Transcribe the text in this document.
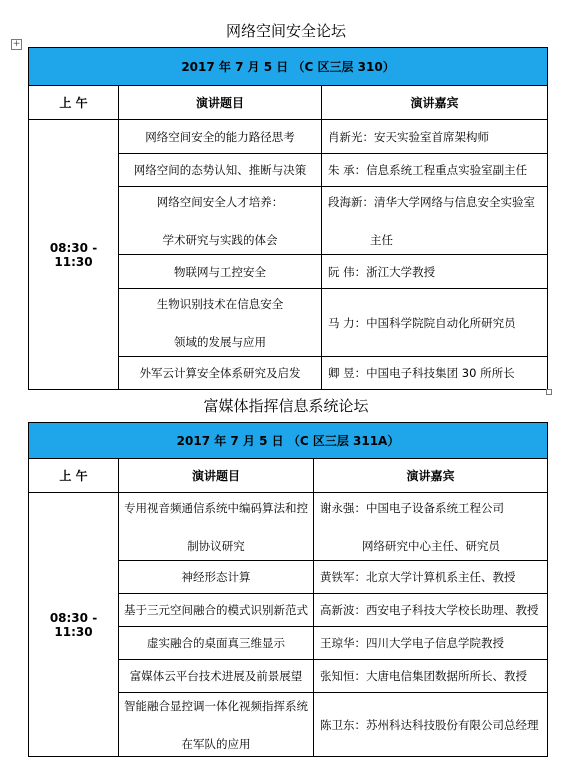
+
网络空间安全论坛
2017 年 7 月 5 日 （C 区三层 310）		
上 午	演讲题目	演讲嘉宾
08:30 - 11:30	网络空间安全的能力路径思考	肖新光：安天实验室首席架构师

	网络空间的态势认知、推断与决策	朱 承：信息系统工程重点实验室副主任

	网络空间安全人才培养：
学术研究与实践的体会	段海新：清华大学网络与信息安全实验室
主任

	物联网与工控安全	阮 伟：浙江大学教授

	生物识别技术在信息安全
领域的发展与应用	马 力：中国科学院院自动化所研究员

	外军云计算安全体系研究及启发	卿 昱：中国电子科技集团 30 所所长
富媒体指挥信息系统论坛
2017 年 7 月 5 日 （C 区三层 311A）		
上 午	演讲题目	演讲嘉宾
08:30 - 11:30	专用视音频通信系统中编码算法和控
制协议研究	谢永强：中国电子设备系统工程公司
网络研究中心主任、研究员

	神经形态计算	黄铁军：北京大学计算机系主任、教授

	基于三元空间融合的模式识别新范式	高新波：西安电子科技大学校长助理、教授

	虚实融合的桌面真三维显示	王琼华：四川大学电子信息学院教授

	富媒体云平台技术进展及前景展望	张知恒：大唐电信集团数据所所长、教授

	智能融合显控调一体化视频指挥系统
在军队的应用	陈卫东：苏州科达科技股份有限公司总经理
